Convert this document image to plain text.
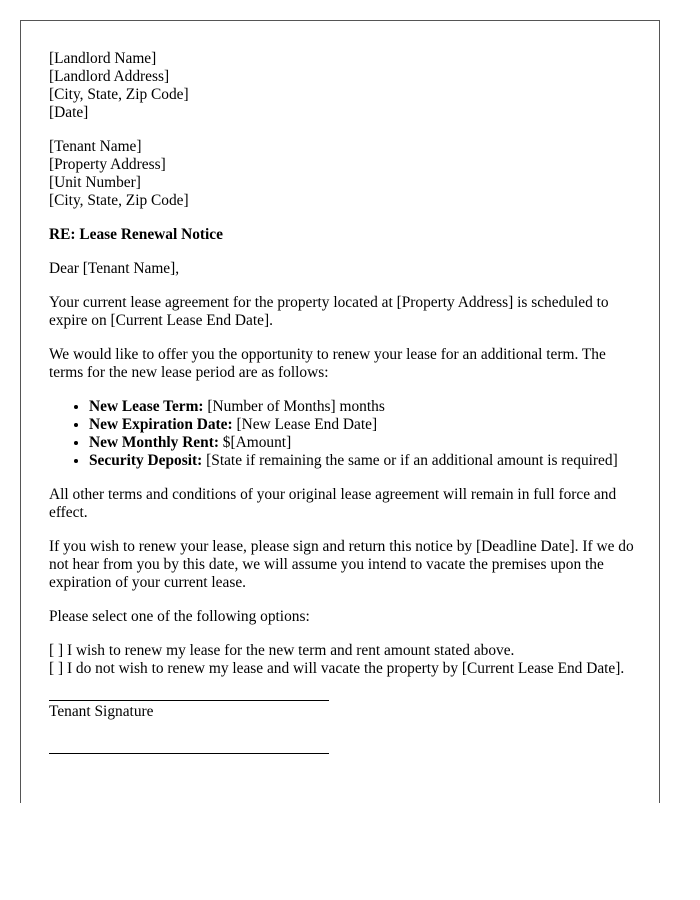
[Landlord Name]
[Landlord Address]
[City, State, Zip Code]
[Date]
[Tenant Name]
[Property Address]
[Unit Number]
[City, State, Zip Code]

RE: Lease Renewal Notice

Dear [Tenant Name],

Your current lease agreement for the property located at [Property Address] is scheduled to expire on [Current Lease End Date].

We would like to offer you the opportunity to renew your lease for an additional term. The terms for the new lease period are as follows:

• New Lease Term: [Number of Months] months
• New Expiration Date: [New Lease End Date]
• New Monthly Rent: $[Amount]
• Security Deposit: [State if remaining the same or if an additional amount is required]

All other terms and conditions of your original lease agreement will remain in full force and effect.

If you wish to renew your lease, please sign and return this notice by [Deadline Date]. If we do not hear from you by this date, we will assume you intend to vacate the premises upon the expiration of your current lease.

Please select one of the following options:

[ ] I wish to renew my lease for the new term and rent amount stated above.
[ ] I do not wish to renew my lease and will vacate the property by [Current Lease End Date].
Tenant Signature
